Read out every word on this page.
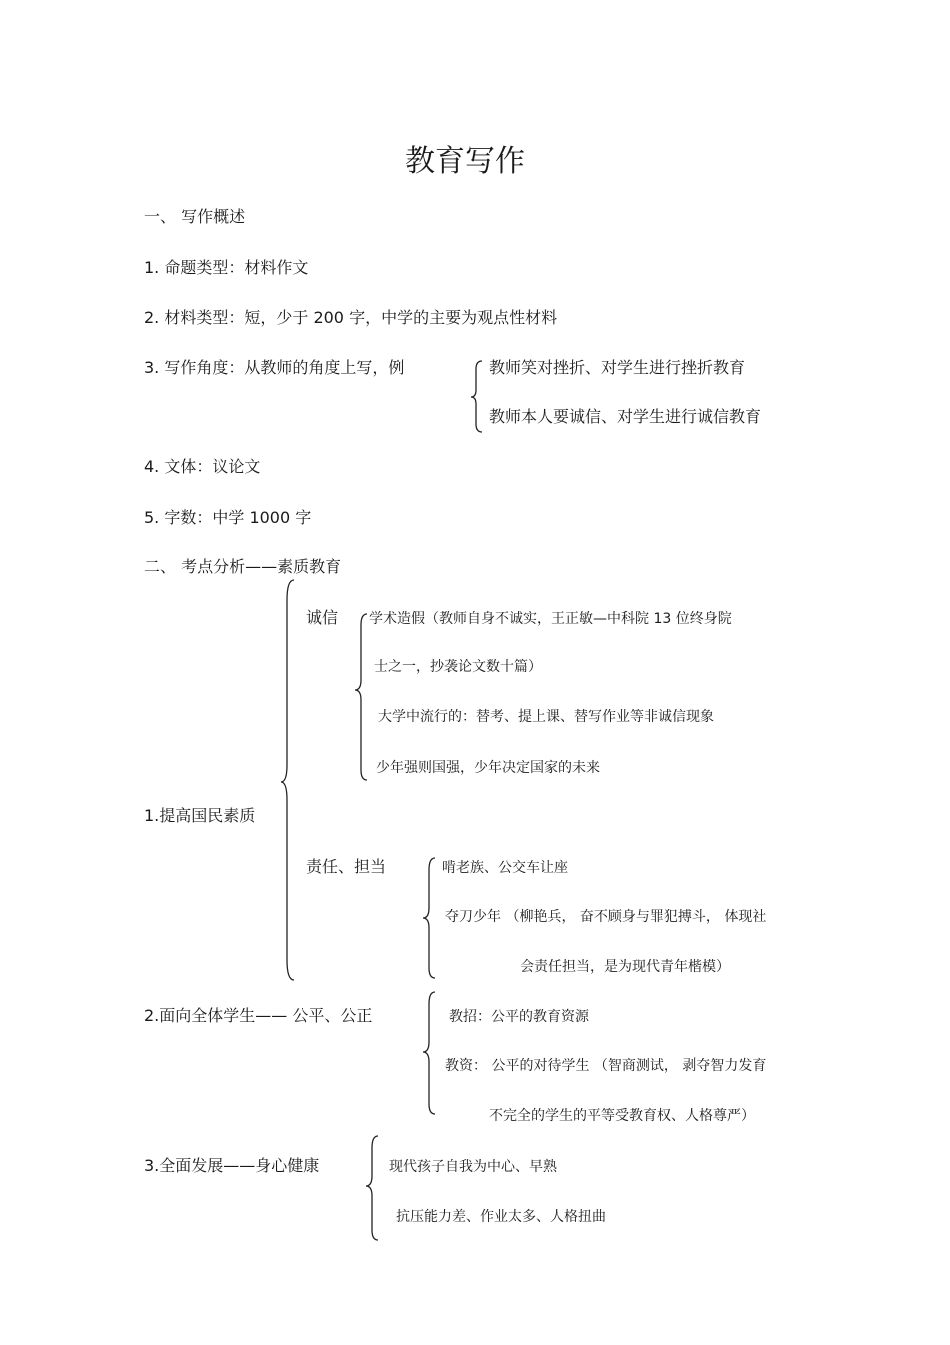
教育写作
一、 写作概述
1. 命题类型：材料作文
2. 材料类型：短，少于 200 字，中学的主要为观点性材料
3. 写作角度：从教师的角度上写，例	教师笑对挫折、对学生进行挫折教育
教师本人要诚信、对学生进行诚信教育
4. 文体：议论文
5. 字数：中学 1000 字
二、 考点分析——素质教育
诚信 学术造假（教师自身不诚实，王正敏—中科院 13 位终身院
士之一，抄袭论文数十篇）
大学中流行的：替考、提上课、替写作业等非诚信现象
少年强则国强，少年决定国家的未来
1.提高国民素质
责任、担当	啃老族、公交车让座
夺刀少年 （柳艳兵， 奋不顾身与罪犯搏斗， 体现社
会责任担当，是为现代青年楷模）
2.面向全体学生—— 公平、公正	教招：公平的教育资源
教资： 公平的对待学生 （智商测试， 剥夺智力发育
不完全的学生的平等受教育权、人格尊严）
3.全面发展——身心健康	现代孩子自我为中心、早熟
抗压能力差、作业太多、人格扭曲
